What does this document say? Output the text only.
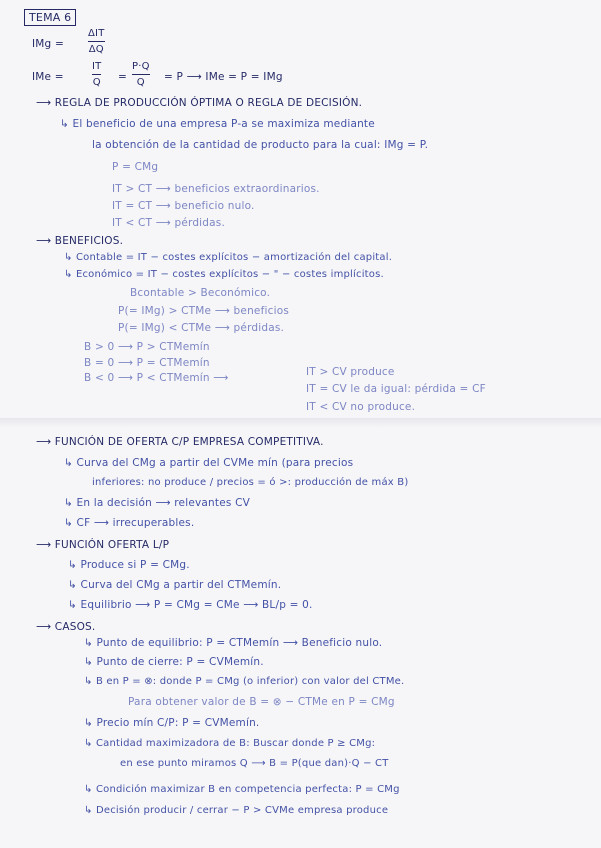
TEMA 6
IMg =
ΔIT
ΔQ
IMe =
IT
Q =
P·Q
Q = P ⟶ IMe = P = IMg
⟶ REGLA DE PRODUCCIÓN ÓPTIMA O REGLA DE DECISIÓN.
↳ El beneficio de una empresa P-a se maximiza mediante
la obtención de la cantidad de producto para la cual: IMg = P.
P = CMg
IT > CT ⟶ beneficios extraordinarios.
IT = CT ⟶ beneficio nulo.
IT < CT ⟶ pérdidas.
⟶ BENEFICIOS.
↳ Contable = IT − costes explícitos − amortización del capital.
↳ Económico = IT − costes explícitos − " − costes implícitos.
Bcontable > Beconómico.
P(= IMg) > CTMe ⟶ beneficios
P(= IMg) < CTMe ⟶ pérdidas.
B > 0 ⟶ P > CTMemín
B = 0 ⟶ P = CTMemín
B < 0 ⟶ P < CTMemín ⟶	IT > CV produce
IT = CV le da igual: pérdida = CF
IT < CV no produce.
⟶ FUNCIÓN DE OFERTA C/P EMPRESA COMPETITIVA.
↳ Curva del CMg a partir del CVMe mín (para precios
inferiores: no produce / precios = ó >: producción de máx B)
↳ En la decisión ⟶ relevantes CV
↳ CF ⟶ irrecuperables.
⟶ FUNCIÓN OFERTA L/P
↳ Produce si P = CMg.
↳ Curva del CMg a partir del CTMemín.
↳ Equilibrio ⟶ P = CMg = CMe ⟶ BL/p = 0.
⟶ CASOS.
↳ Punto de equilibrio: P = CTMemín ⟶ Beneficio nulo.
↳ Punto de cierre: P = CVMemín.
↳ B en P = ⊗: donde P = CMg (o inferior) con valor del CTMe.
Para obtener valor de B = ⊗ − CTMe en P = CMg
↳ Precio mín C/P: P = CVMemín.
↳ Cantidad maximizadora de B: Buscar donde P ≥ CMg:
en ese punto miramos Q ⟶ B = P(que dan)·Q − CT
↳ Condición maximizar B en competencia perfecta: P = CMg
↳ Decisión producir / cerrar − P > CVMe empresa produce
